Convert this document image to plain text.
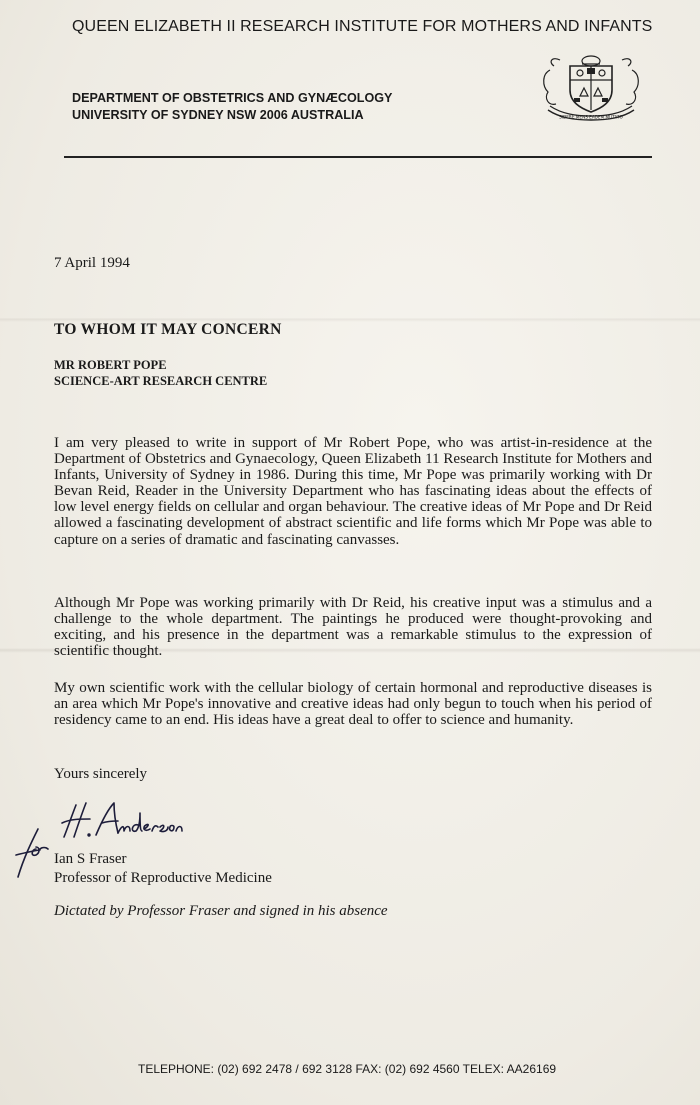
QUEEN ELIZABETH II RESEARCH INSTITUTE FOR MOTHERS AND INFANTS
DEPARTMENT OF OBSTETRICS AND GYNÆCOLOGY
UNIVERSITY OF SYDNEY NSW 2006 AUSTRALIA	SIDERE MENS EADEM MUTATO
7 April 1994
TO WHOM IT MAY CONCERN
MR ROBERT POPE
SCIENCE-ART RESEARCH CENTRE
I am very pleased to write in support of Mr Robert Pope, who was artist-in-residence at the Department of Obstetrics and Gynaecology, Queen Elizabeth 11 Research Institute for Mothers and Infants, University of Sydney in 1986. During this time, Mr Pope was primarily working with Dr Bevan Reid, Reader in the University Department who has fascinating ideas about the effects of low level energy fields on cellular and organ behaviour. The creative ideas of Mr Pope and Dr Reid allowed a fascinating development of abstract scientific and life forms which Mr Pope was able to capture on a series of dramatic and fascinating canvasses.
Although Mr Pope was working primarily with Dr Reid, his creative input was a stimulus and a challenge to the whole department. The paintings he produced were thought-provoking and exciting, and his presence in the department was a remarkable stimulus to the expression of scientific thought.
My own scientific work with the cellular biology of certain hormonal and reproductive diseases is an area which Mr Pope's innovative and creative ideas had only begun to touch when his period of residency came to an end. His ideas have a great deal to offer to science and humanity.
Yours sincerely
Ian S Fraser
Professor of Reproductive Medicine
Dictated by Professor Fraser and signed in his absence
TELEPHONE: (02) 692 2478 / 692 3128 FAX: (02) 692 4560 TELEX: AA26169
